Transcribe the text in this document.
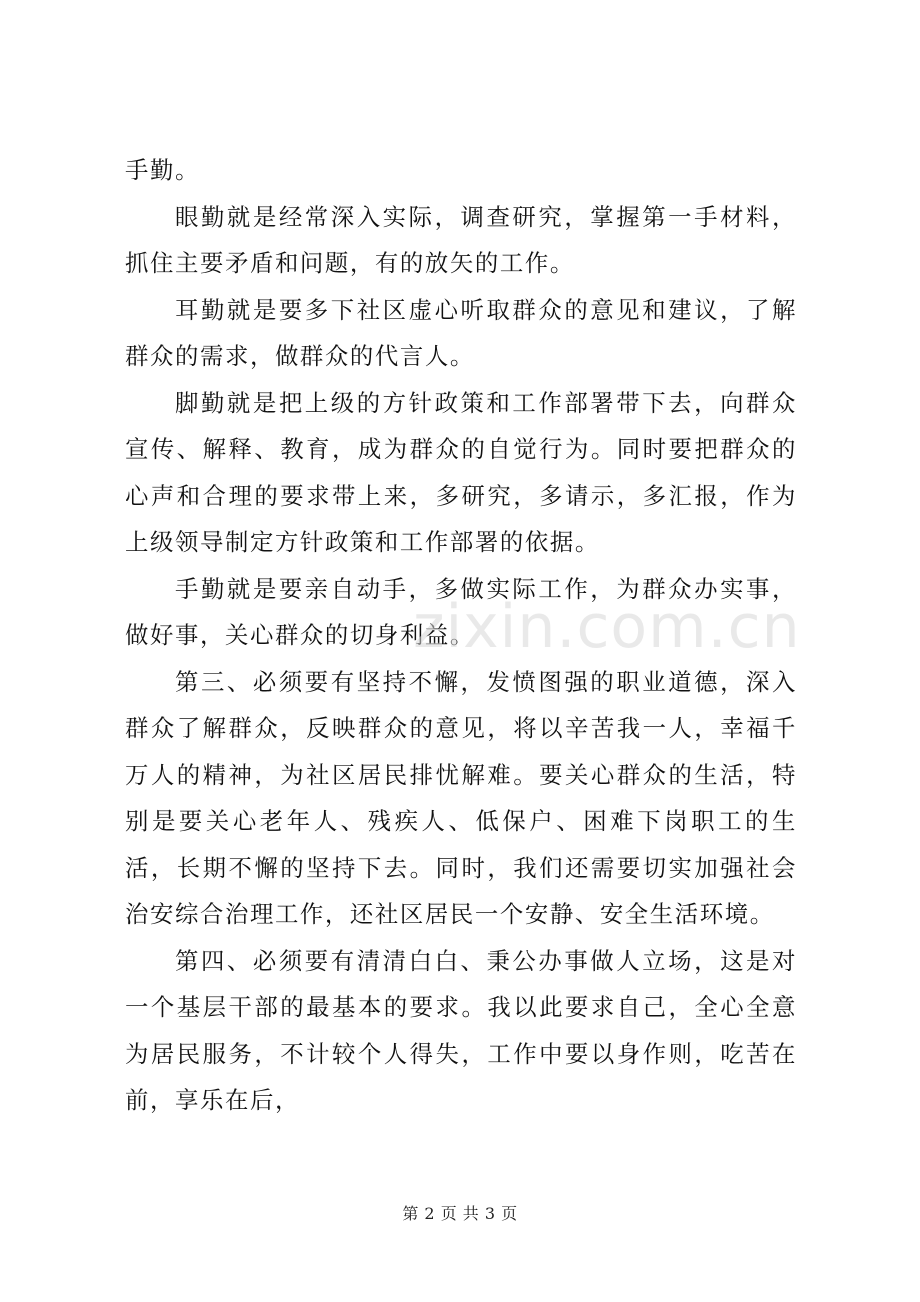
手勤。

眼勤就是经常深入实际，调查研究，掌握第一手材料，抓住主要矛盾和问题，有的放矢的工作。

耳勤就是要多下社区虚心听取群众的意见和建议，了解群众的需求，做群众的代言人。

脚勤就是把上级的方针政策和工作部署带下去，向群众宣传、解释、教育，成为群众的自觉行为。同时要把群众的心声和合理的要求带上来，多研究，多请示，多汇报，作为上级领导制定方针政策和工作部署的依据。

手勤就是要亲自动手，多做实际工作，为群众办实事，做好事，关心群众的切身利益。

第三、必须要有坚持不懈，发愤图强的职业道德，深入群众了解群众，反映群众的意见，将以辛苦我一人，幸福千万人的精神，为社区居民排忧解难。要关心群众的生活，特别是要关心老年人、残疾人、低保户、困难下岗职工的生活，长期不懈的坚持下去。同时，我们还需要切实加强社会治安综合治理工作，还社区居民一个安静、安全生活环境。

第四、必须要有清清白白、秉公办事做人立场，这是对一个基层干部的最基本的要求。我以此要求自己，全心全意为居民服务，不计较个人得失，工作中要以身作则，吃苦在前，享乐在后，

zixin.com.cn
第 2 页 共 3 页
